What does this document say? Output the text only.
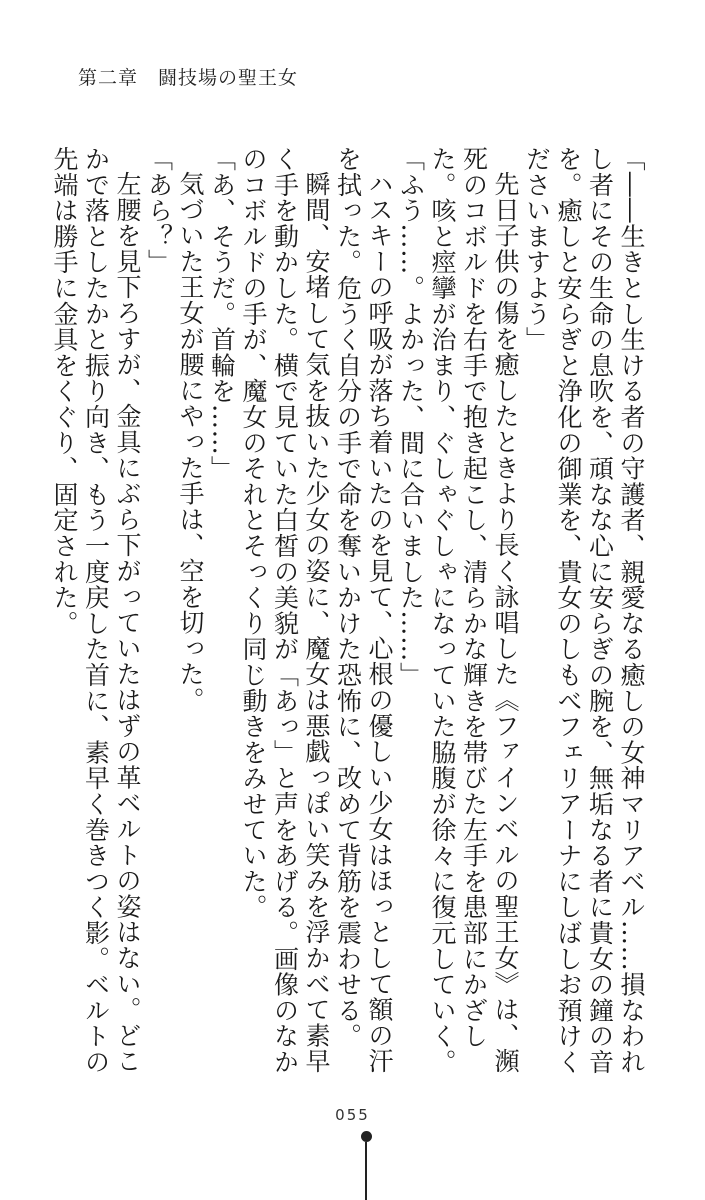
第二章　闘技場の聖王女

「――生きとし生ける者の守護者、親愛なる癒しの女神マリアベル……損なわれし者にその生命の息吹を、頑なな心に安らぎの腕を、無垢なる者に貴女の鐘の音を。癒しと安らぎと浄化の御業を、貴女のしもべフェリアーナにしばしお預けくださいますよう」

先日子供の傷を癒したときより長く詠唱した《ファインベルの聖王女》は、瀕死のコボルドを右手で抱き起こし、清らかな輝きを帯びた左手を患部にかざした。咳と痙攣が治まり、ぐしゃぐしゃになっていた脇腹が徐々に復元していく。

「ふう……。よかった、間に合いました……」

ハスキーの呼吸が落ち着いたのを見て、心根の優しい少女はほっとして額の汗を拭った。危うく自分の手で命を奪いかけた恐怖に、改めて背筋を震わせる。

瞬間、安堵して気を抜いた少女の姿に、魔女は悪戯っぽい笑みを浮かべて素早く手を動かした。横で見ていた白皙の美貌が「あっ」と声をあげる。画像のなかのコボルドの手が、魔女のそれとそっくり同じ動きをみせていた。

「あ、そうだ。首輪を……」

気づいた王女が腰にやった手は、空を切った。

「あら？」

左腰を見下ろすが、金具にぶら下がっていたはずの革ベルトの姿はない。どこかで落としたかと振り向き、もう一度戻した首に、素早く巻きつく影。ベルトの先端は勝手に金具をくぐり、固定された。

055
